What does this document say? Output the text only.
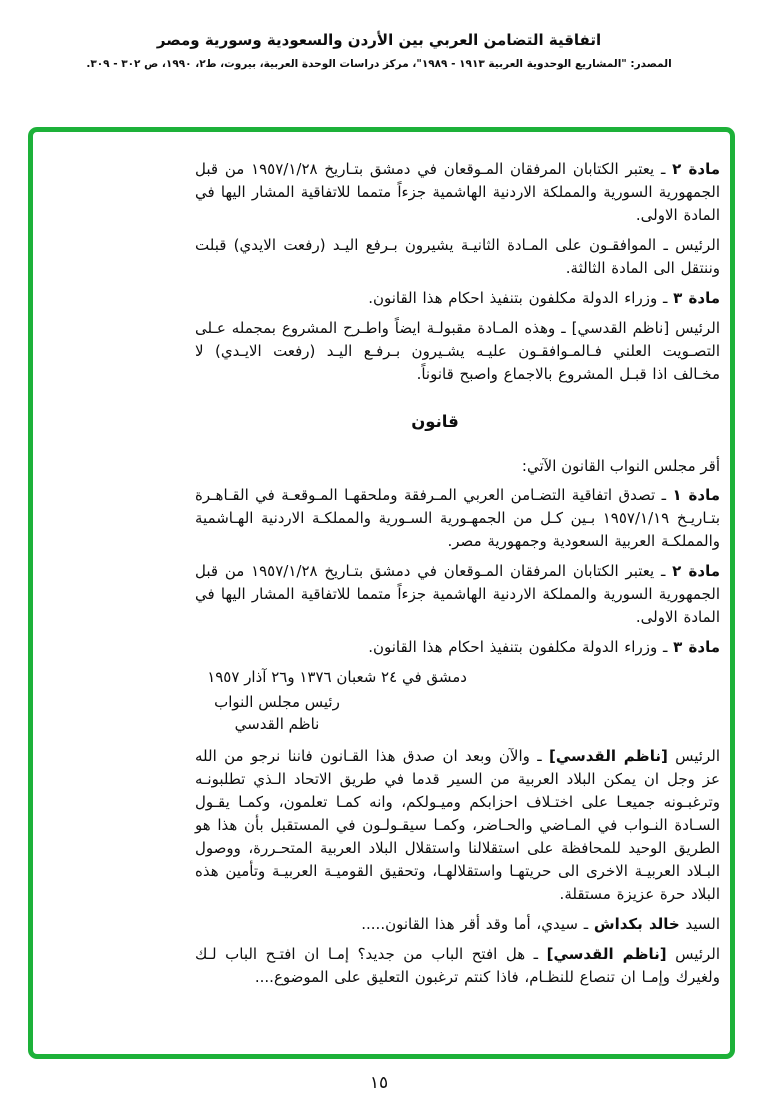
اتفاقية التضامن العربي بين الأردن والسعودية وسورية ومصر
المصدر: "المشاريع الوحدوية العربية ١٩١٣ - ١٩٨٩"، مركز دراسات الوحدة العربية، بيروت، ط٢، ١٩٩٠، ص ٣٠٢ - ٣٠٩.

مادة ٢ ـ يعتبر الكتابان المرفقان المـوقعان في دمشق بتـاريخ ١٩٥٧/١/٢٨ من قبل الجمهورية السورية والمملكة الاردنية الهاشمية جزءاً متمما للاتفاقية المشار اليها في المادة الاولى.

الرئيس ـ الموافقـون على المـادة الثانيـة يشيرون بـرفع اليـد (رفعت الايدي) قبلت وننتقل الى المادة الثالثة.

مادة ٣ ـ وزراء الدولة مكلفون بتنفيذ احكام هذا القانون.

الرئيس [ناظم القدسي] ـ وهذه المـادة مقبولـة ايضاً واطـرح المشروع بمجمله عـلى التصـويت العلني فـالمـوافقـون عليـه يشـيرون بـرفـع اليـد (رفعت الايـدي) لا مخـالف اذا قبـل المشروع بالاجماع واصبح قانوناً.

قانون

أقر مجلس النواب القانون الآتي:

مادة ١ ـ تصدق اتفاقية التضـامن العربي المـرفقة وملحقهـا المـوقعـة في القـاهـرة بتـاريـخ ١٩٥٧/١/١٩ بـين كـل من الجمهـورية السـورية والمملكـة الاردنية الهـاشمية والمملكـة العربية السعودية وجمهورية مصر.

مادة ٢ ـ يعتبر الكتابان المرفقان المـوقعان في دمشق بتـاريخ ١٩٥٧/١/٢٨ من قبل الجمهورية السورية والمملكة الاردنية الهاشمية جزءاً متمما للاتفاقية المشار اليها في المادة الاولى.

مادة ٣ ـ وزراء الدولة مكلفون بتنفيذ احكام هذا القانون.

دمشق في ٢٤ شعبان ١٣٧٦ و٢٦ آذار ١٩٥٧

رئيس مجلس النواب
ناظم القدسي

الرئيس [ناظم القدسي] ـ والآن وبعد ان صدق هذا القـانون فاننا نرجو من الله عز وجل ان يمكن البلاد العربية من السير قدما في طريق الاتحاد الـذي تطلبونـه وترغبـونه جميعـا على اختـلاف احزابكم وميـولكم، وانه كمـا تعلمون، وكمـا يقـول السـادة النـواب في المـاضي والحـاضر، وكمـا سيقـولـون في المستقبل بأن هذا هو الطريق الوحيد للمحافظة على استقلالنا واستقلال البلاد العربية المتحـررة، ووصول البـلاد العربيـة الاخرى الى حريتهـا واستقلالهـا، وتحقيق القوميـة العربيـة وتأمين هذه البلاد حرة عزيزة مستقلة.

السيد خالد بكداش ـ سيدي، أما وقد أقر هذا القانون.....

الرئيس [ناظم القدسي] ـ هل افتح الباب من جديد؟ إمـا ان افتـح الباب لـك ولغيرك وإمـا ان تنصاع للنظـام، فاذا كنتم ترغبون التعليق على الموضوع....

١٥
